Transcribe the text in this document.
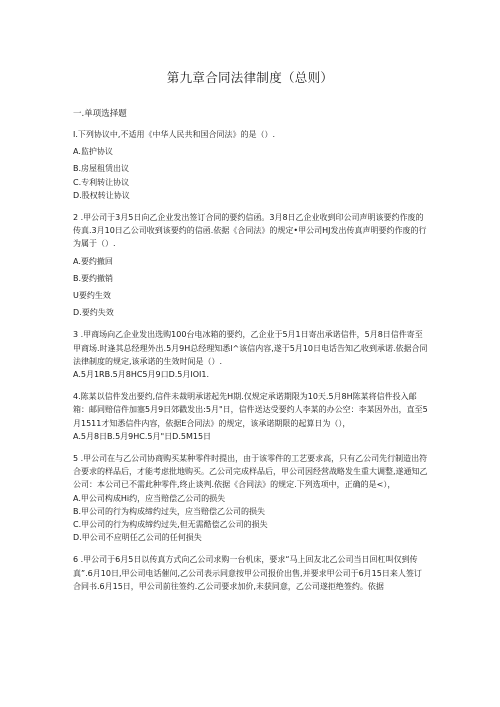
第九章合同法律制度（总则）
一.单项选择题

I.下列协议中,不适用《中华人民共和国合同法》的是（）.

A.监护协议

B.房屋租赁出议

C.专利转让协议

D.股权转让协议

2 .甲公司于3月5日向乙企业发出签订合同的要约信函。3月8日乙企业收到印公司声明该要约作废的传真.3月10日乙公司收到该要约的信函.依据《合同法》的规定•甲公司HJ发出传真声明要约作废的行为属于（）.

A.要约撤回

B.要约撤销

U要约生效

D.要约失效

3 .甲商场向乙企业发出选购100台电冰箱的要约，乙企业于5月1日寄出承诺信件，5月8日信件寄至甲商场.时逢其总经理外出.5月9H总经理知悉l^该信内容,遂于5月10日电话告知乙收到承诺.依据合同法律制度的规定,该承诺的生效时间是（）.

A.5月1RB.5月8HC5月9口D.5月IOI1.

4.陈某以信件发出要约,信件未裁明承诺起先H期.仅规定承诺期限为10天.5月8H陈某将信件投入邮箱：邮同赔信件加塞5月9日郊戳发出:5月"日，信件送达受要约人李某的办公空：李某因外出，直至5月1511才知悉信件内容，依据E合同法》的规定，该承诺期限的起算日为（），

A.5月8日B.5月9HC.5月"日D.5M15日

5 .甲公司在与乙公司协商购买某种零件时提出，由于该零件的工艺要求高，只有乙公司先行制造出符合要求的样品后，才能考虑批地购买。乙公司完成样品后，甲公司因经营战略发生重大调整,遂通知乙公司：本公司已不需此种零件,终止谈判.依据《合同法》的规定.下列选项中，正确的是<），

A.甲公司构成Hi约，应当赔偿乙公司的损失

B.甲公司的行为构成缔约过失，应当赔偿乙公司的损失

C.甲公司的行为构成缔约过失,但无需酷偿乙公司的损失

D.甲公司不应明任乙公司的任何损失

6 .甲公司于6月5日以传真方式向乙公司求购一台机床，要求“马上回友北乙公司当日回杠叫仅到传真”.6月10日,甲公司电话催问,乙公司表示同意按甲公司报价出售,并要求甲公司于6月15日来人签订合同书.6月15日，甲公司前往签约.乙公司要求加价,未获同意，乙公司遂拒绝签约。依据
